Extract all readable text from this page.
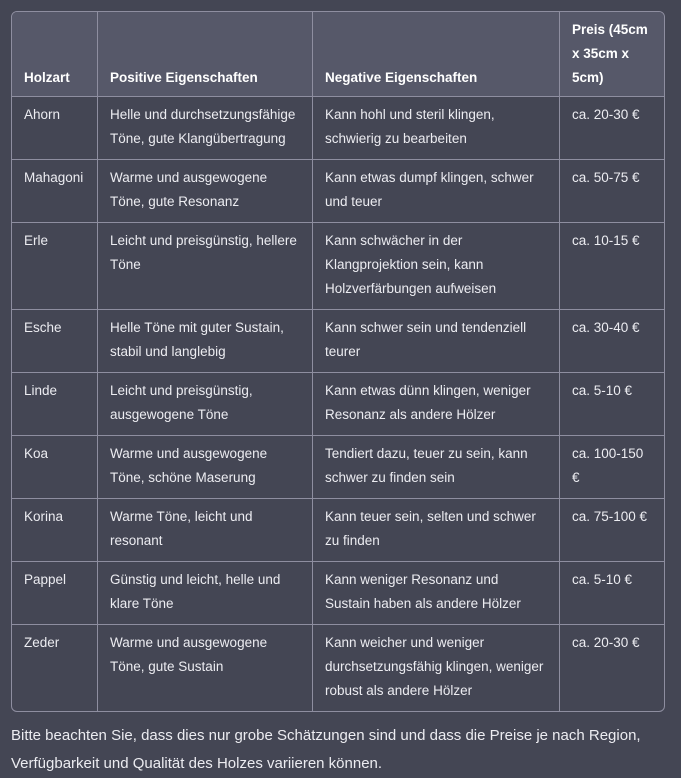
Holzart	Positive Eigenschaften	Negative Eigenschaften	Preis (45cm x 35cm x 5cm)
Ahorn	Helle und durchsetzungsfähige Töne, gute Klangübertragung	Kann hohl und steril klingen, schwierig zu bearbeiten	ca. 20-30 €
Mahagoni	Warme und ausgewogene Töne, gute Resonanz	Kann etwas dumpf klingen, schwer und teuer	ca. 50-75 €
Erle	Leicht und preisgünstig, hellere Töne	Kann schwächer in der Klangprojektion sein, kann Holzverfärbungen aufweisen	ca. 10-15 €
Esche	Helle Töne mit guter Sustain, stabil und langlebig	Kann schwer sein und tendenziell teurer	ca. 30-40 €
Linde	Leicht und preisgünstig, ausgewogene Töne	Kann etwas dünn klingen, weniger Resonanz als andere Hölzer	ca. 5-10 €
Koa	Warme und ausgewogene Töne, schöne Maserung	Tendiert dazu, teuer zu sein, kann schwer zu finden sein	ca. 100-150 €
Korina	Warme Töne, leicht und resonant	Kann teuer sein, selten und schwer zu finden	ca. 75-100 €
Pappel	Günstig und leicht, helle und klare Töne	Kann weniger Resonanz und Sustain haben als andere Hölzer	ca. 5-10 €
Zeder	Warme und ausgewogene Töne, gute Sustain	Kann weicher und weniger durchsetzungsfähig klingen, weniger robust als andere Hölzer	ca. 20-30 €

Bitte beachten Sie, dass dies nur grobe Schätzungen sind und dass die Preise je nach Region, Verfügbarkeit und Qualität des Holzes variieren können.
